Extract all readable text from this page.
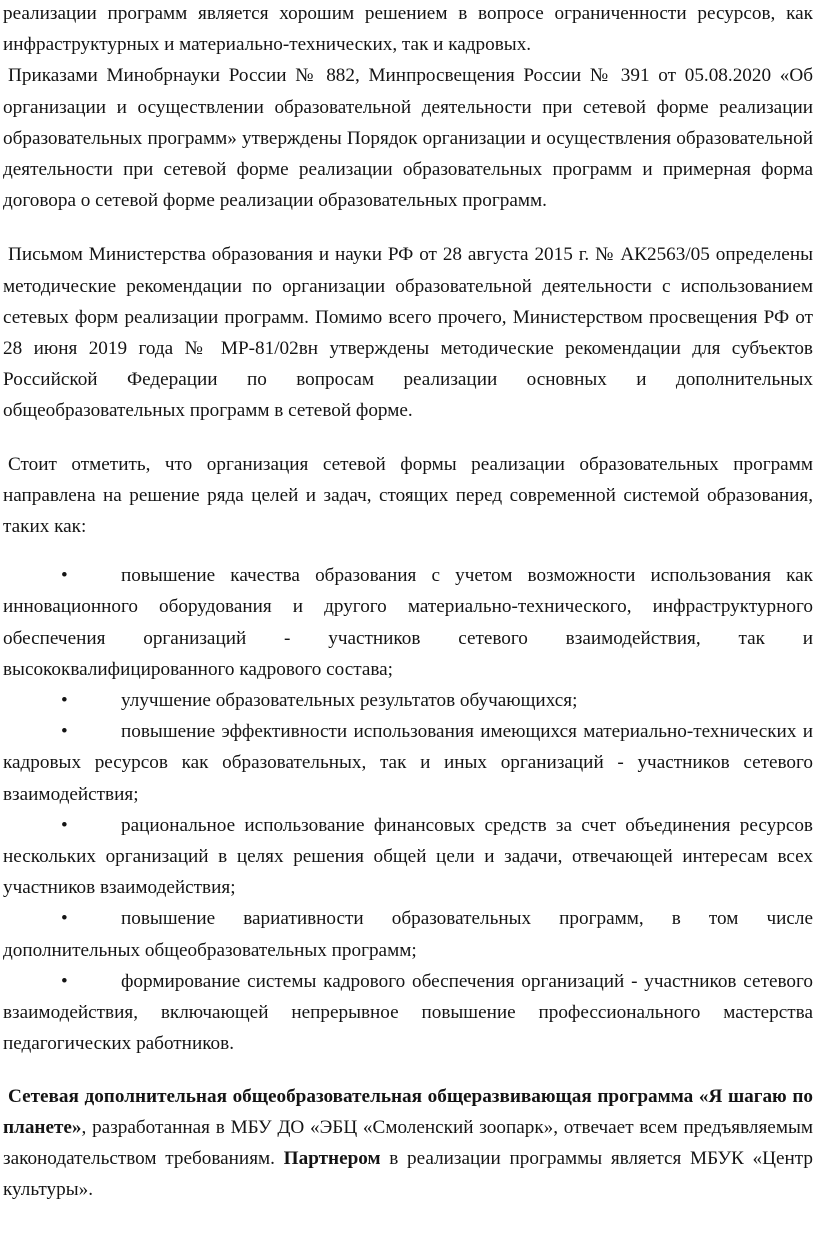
реализации программ является хорошим решением в вопросе ограниченности ресурсов, как инфраструктурных и материально-технических, так и кадровых.

Приказами Минобрнауки России № 882, Минпросвещения России № 391 от 05.08.2020 «Об организации и осуществлении образовательной деятельности при сетевой форме реализации образовательных программ» утверждены Порядок организации и осуществления образовательной деятельности при сетевой форме реализации образовательных программ и примерная форма договора о сетевой форме реализации образовательных программ.

Письмом Министерства образования и науки РФ от 28 августа 2015 г. № АК2563/05 определены методические рекомендации по организации образовательной деятельности с использованием сетевых форм реализации программ. Помимо всего прочего, Министерством просвещения РФ от 28 июня 2019 года № МР-81/02вн утверждены методические рекомендации для субъектов Российской Федерации по вопросам реализации основных и дополнительных общеобразовательных программ в сетевой форме.

Стоит отметить, что организация сетевой формы реализации образовательных программ направлена на решение ряда целей и задач, стоящих перед современной системой образования, таких как:

•	повышение качества образования с учетом возможности использования как инновационного оборудования и другого материально-технического, инфраструктурного обеспечения организаций - участников сетевого взаимодействия, так и высококвалифицированного кадрового состава;

•	улучшение образовательных результатов обучающихся;

•	повышение эффективности использования имеющихся материально-технических и кадровых ресурсов как образовательных, так и иных организаций - участников сетевого взаимодействия;

•	рациональное использование финансовых средств за счет объединения ресурсов нескольких организаций в целях решения общей цели и задачи, отвечающей интересам всех участников взаимодействия;

•	повышение вариативности образовательных программ, в том числе дополнительных общеобразовательных программ;

•	формирование системы кадрового обеспечения организаций - участников сетевого взаимодействия, включающей непрерывное повышение профессионального мастерства педагогических работников.

Сетевая дополнительная общеобразовательная общеразвивающая программа «Я шагаю по планете», разработанная в МБУ ДО «ЭБЦ «Смоленский зоопарк», отвечает всем предъявляемым законодательством требованиям. Партнером в реализации программы является МБУК «Центр культуры».
